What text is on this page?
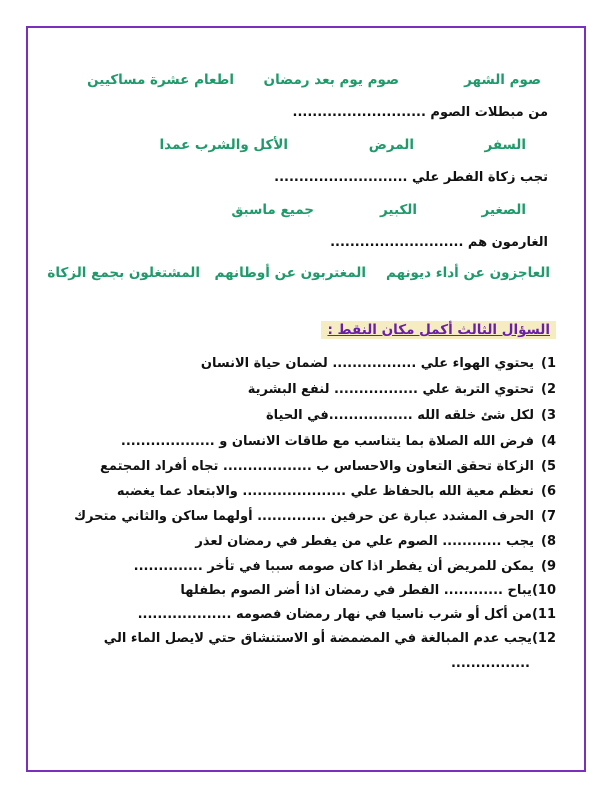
صوم الشهر
صوم يوم بعد رمضان
اطعام عشرة مساكيين
من مبطلات الصوم ...........................
السفر
المرض
الأكل والشرب عمدا
تجب زكاة الفطر علي ...........................
الصغير
الكبير
جميع ماسبق
الغارمون هم ...........................
العاجزون عن أداء ديونهم
المغتربون عن أوطانهم
المشتغلون بجمع الزكاة
السؤال الثالث أكمل مكان النقط :
1)يحتوي الهواء علي ................. لضمان حياة الانسان
2)تحتوي التربة علي ................. لنفع البشرية
3)لكل شئ خلقه الله .................في الحياة
4)فرض الله الصلاة بما يتناسب مع طاقات الانسان و ...................
5)الزكاة تحقق التعاون والاحساس ب .................. تجاه أفراد المجتمع
6)نعظم معية الله بالحفاظ علي ..................... والابتعاد عما يغضبه
7)الحرف المشدد عبارة عن حرفين .............. أولهما ساكن والثاني متحرك
8)يجب ............ الصوم علي من يفطر في رمضان لعذر
9)يمكن للمريض أن يفطر اذا كان صومه سببا في تأخر ..............
10)يباح ............ الفطر في رمضان اذا أضر الصوم بطفلها
11)من أكل أو شرب ناسيا في نهار رمضان فصومه ...................
12)يجب عدم المبالغة في المضمضة أو الاستنشاق حتي لايصل الماء الي
................
